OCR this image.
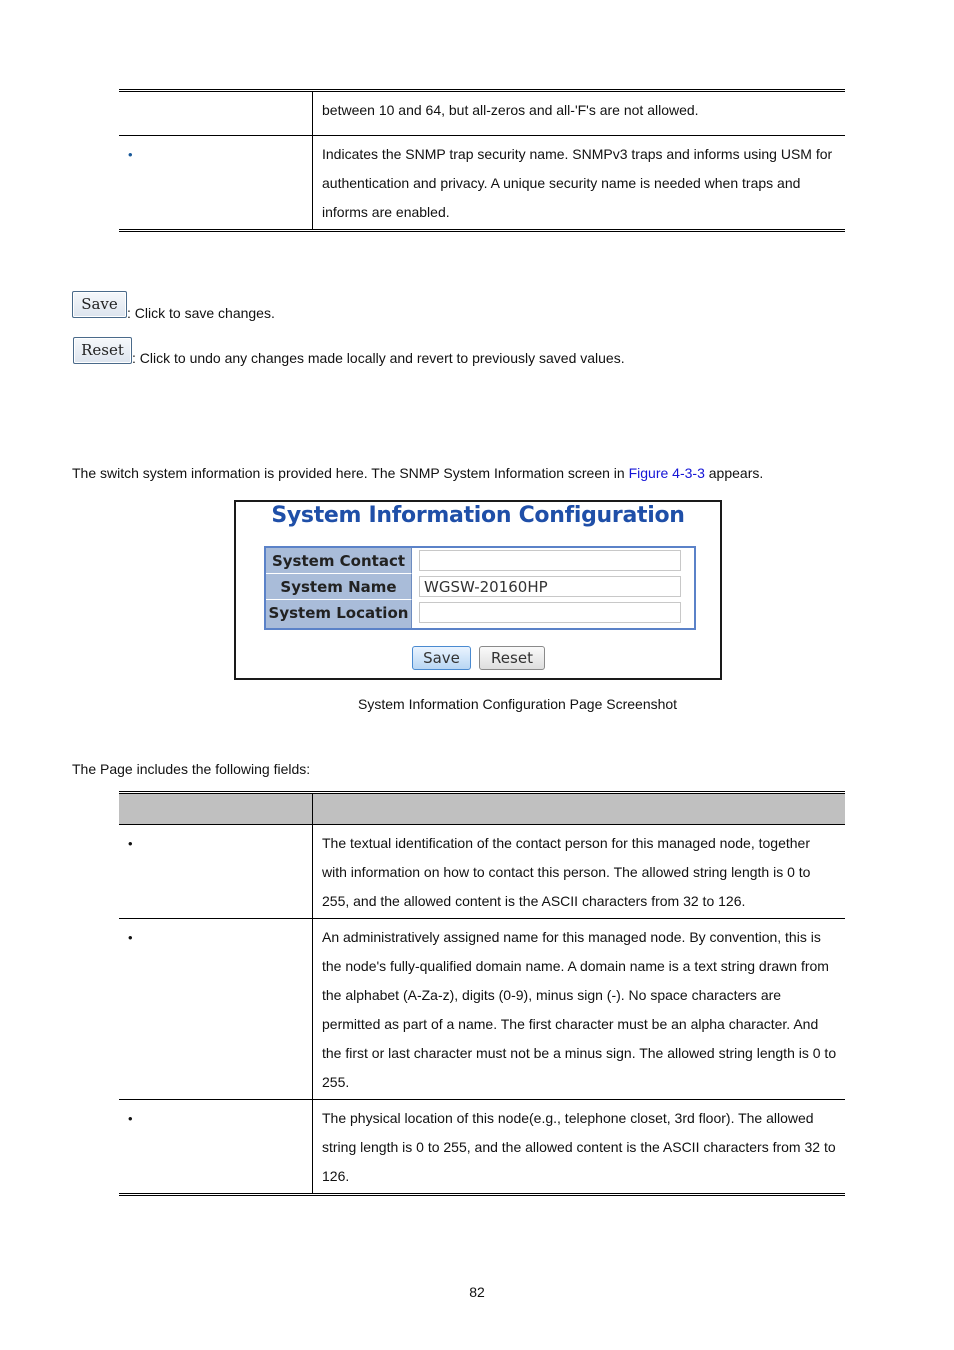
	between 10 and 64, but all-zeros and all-'F's are not allowed.

•	Indicates the SNMP trap security name. SNMPv3 traps and informs using USM for authentication and privacy. A unique security name is needed when traps and informs are enabled.
Save : Click to save changes.
Reset : Click to undo any changes made locally and revert to previously saved values.
The switch system information is provided here. The SNMP System Information screen in Figure 4-3-3 appears.
System Information Configuration
System Contact
System Name	WGSW-20160HP
System Location
Save	Reset
System Information Configuration Page Screenshot
The Page includes the following fields:

•	The textual identification of the contact person for this managed node, together with information on how to contact this person. The allowed string length is 0 to 255, and the allowed content is the ASCII characters from 32 to 126.

•	An administratively assigned name for this managed node. By convention, this is the node's fully-qualified domain name. A domain name is a text string drawn from the alphabet (A-Za-z), digits (0-9), minus sign (-). No space characters are permitted as part of a name. The first character must be an alpha character. And the first or last character must not be a minus sign. The allowed string length is 0 to 255.

•	The physical location of this node(e.g., telephone closet, 3rd floor). The allowed string length is 0 to 255, and the allowed content is the ASCII characters from 32 to 126.
82
